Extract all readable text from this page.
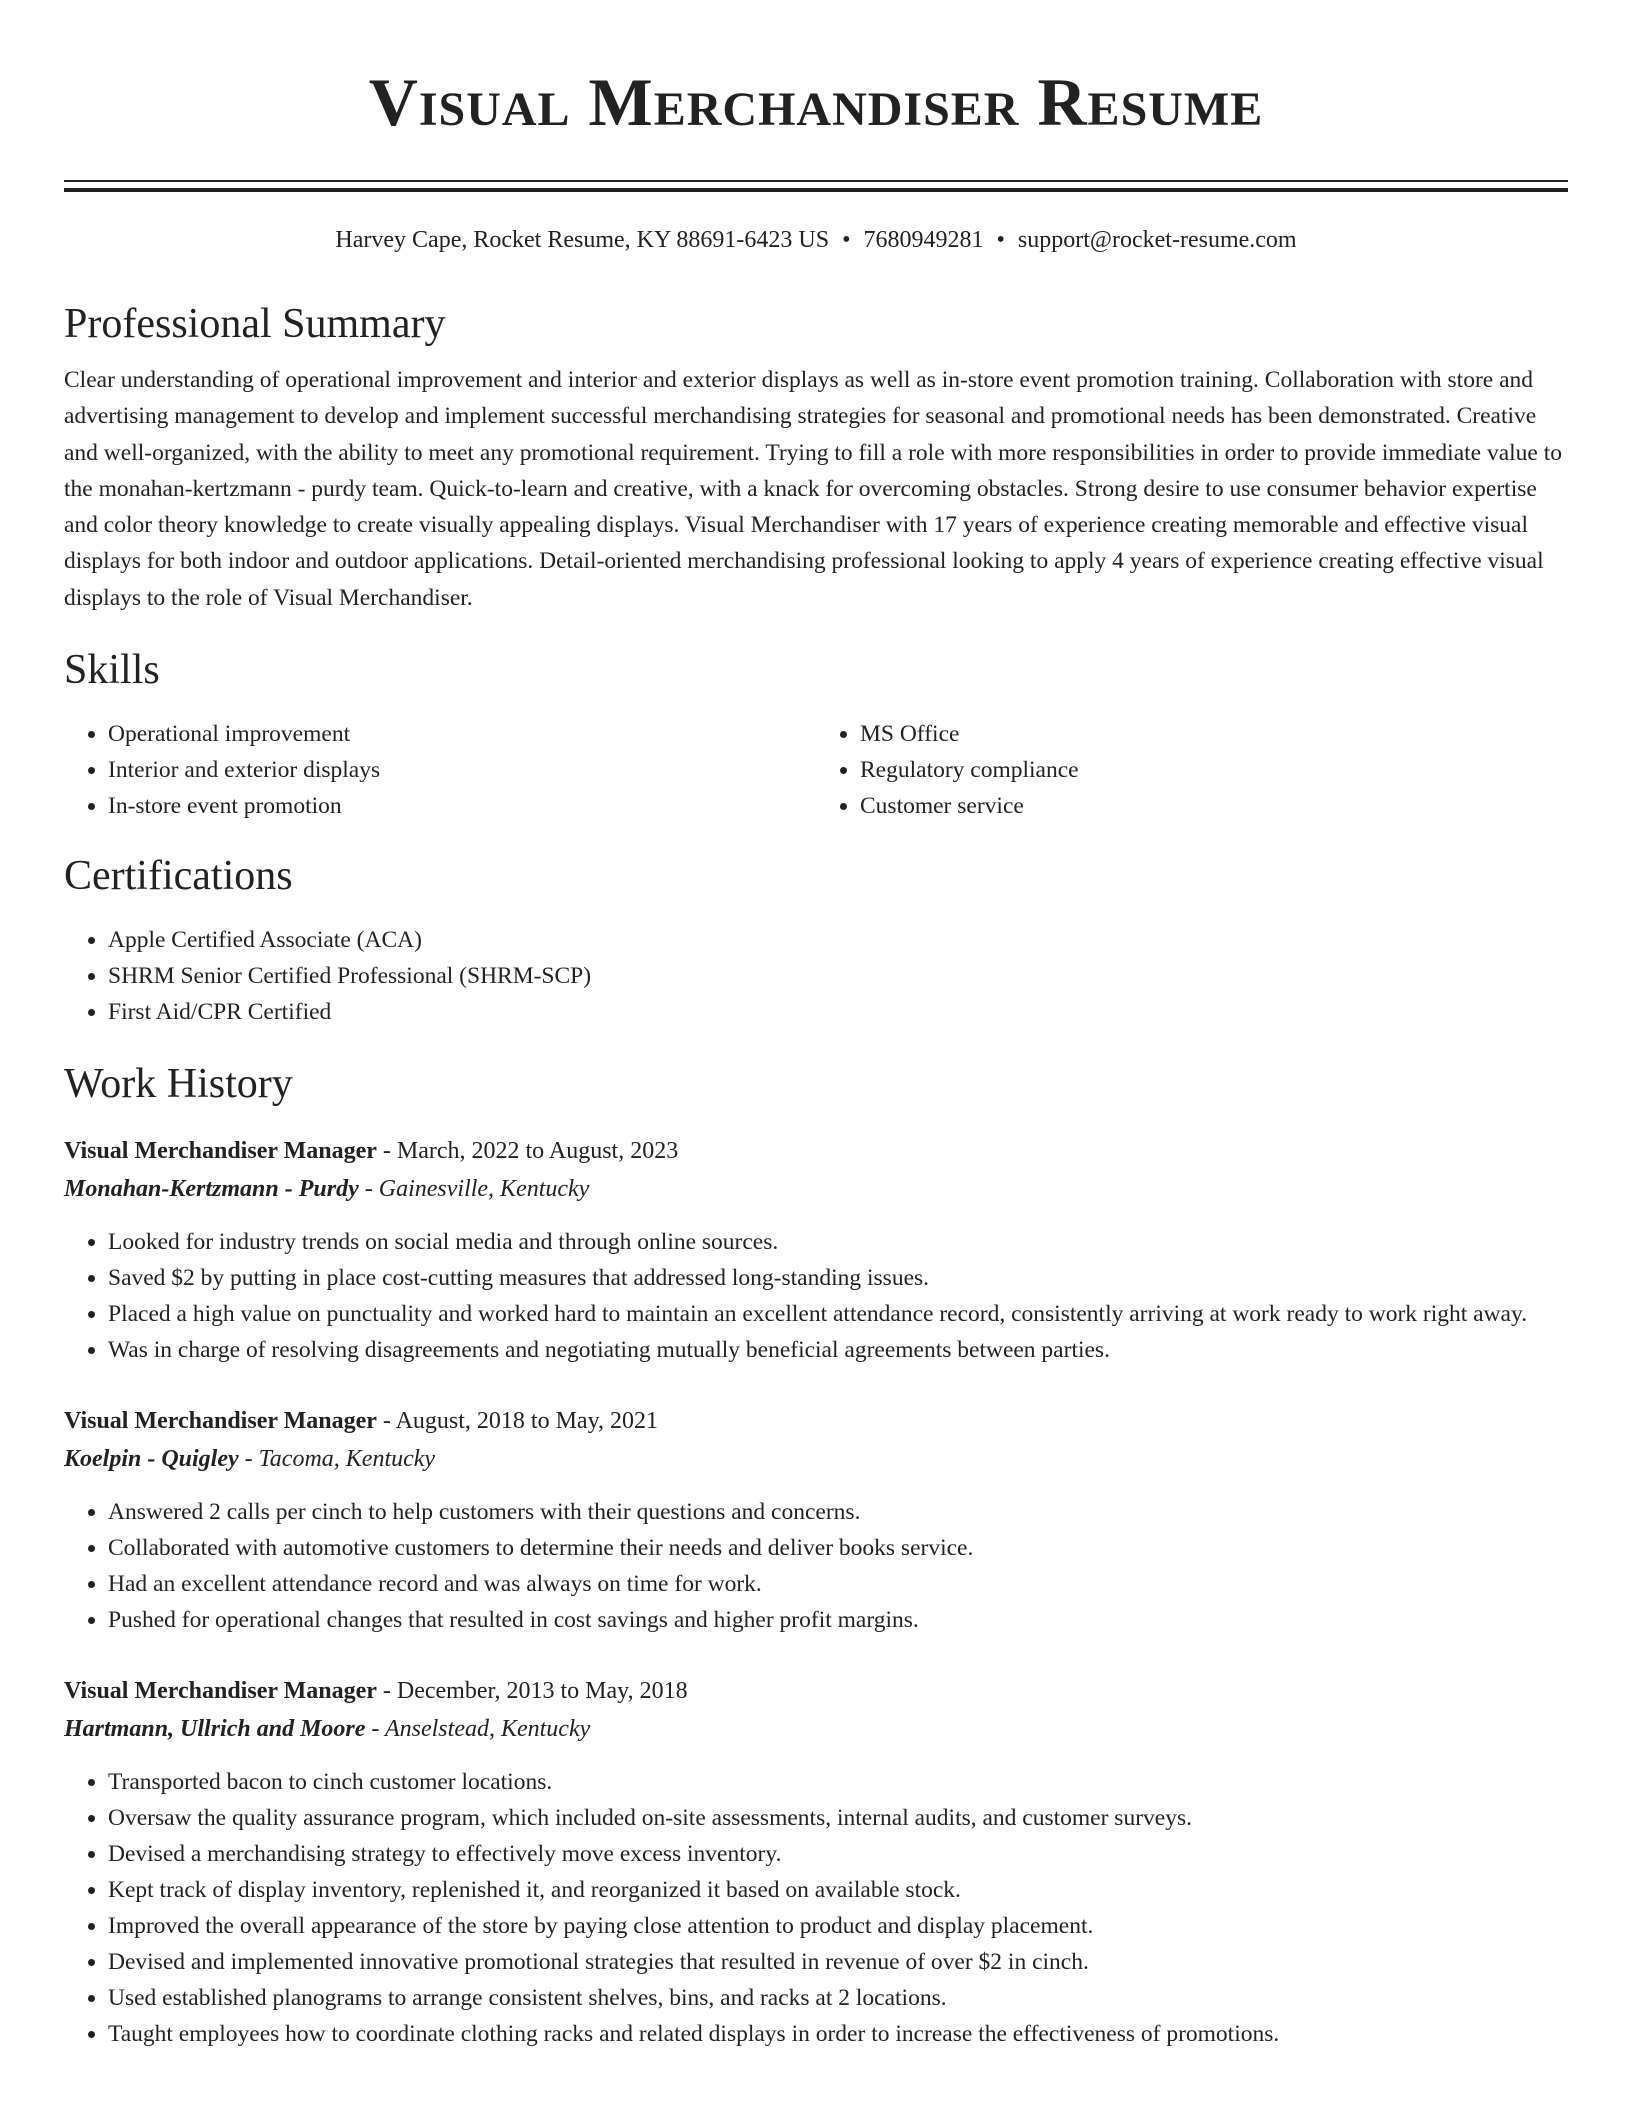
Visual Merchandiser Resume
Harvey Cape, Rocket Resume, KY 88691-6423 US • 7680949281 • support@rocket-resume.com
Professional Summary

Clear understanding of operational improvement and interior and exterior displays as well as in-store event promotion training. Collaboration with store and advertising management to develop and implement successful merchandising strategies for seasonal and promotional needs has been demonstrated. Creative and well-organized, with the ability to meet any promotional requirement. Trying to fill a role with more responsibilities in order to provide immediate value to the monahan-kertzmann - purdy team. Quick-to-learn and creative, with a knack for overcoming obstacles. Strong desire to use consumer behavior expertise and color theory knowledge to create visually appealing displays. Visual Merchandiser with 17 years of experience creating memorable and effective visual displays for both indoor and outdoor applications. Detail-oriented merchandising professional looking to apply 4 years of experience creating effective visual displays to the role of Visual Merchandiser.

Skills
• Operational improvement
• Interior and exterior displays
• In-store event promotion
• MS Office
• Regulatory compliance
• Customer service
Certifications
• Apple Certified Associate (ACA)
• SHRM Senior Certified Professional (SHRM-SCP)
• First Aid/CPR Certified
Work History
Visual Merchandiser Manager - March, 2022 to August, 2023
Monahan-Kertzmann - Purdy - Gainesville, Kentucky
• Looked for industry trends on social media and through online sources.
• Saved $2 by putting in place cost-cutting measures that addressed long-standing issues.
• Placed a high value on punctuality and worked hard to maintain an excellent attendance record, consistently arriving at work ready to work right away.
• Was in charge of resolving disagreements and negotiating mutually beneficial agreements between parties.
Visual Merchandiser Manager - August, 2018 to May, 2021
Koelpin - Quigley - Tacoma, Kentucky
• Answered 2 calls per cinch to help customers with their questions and concerns.
• Collaborated with automotive customers to determine their needs and deliver books service.
• Had an excellent attendance record and was always on time for work.
• Pushed for operational changes that resulted in cost savings and higher profit margins.
Visual Merchandiser Manager - December, 2013 to May, 2018
Hartmann, Ullrich and Moore - Anselstead, Kentucky
• Transported bacon to cinch customer locations.
• Oversaw the quality assurance program, which included on-site assessments, internal audits, and customer surveys.
• Devised a merchandising strategy to effectively move excess inventory.
• Kept track of display inventory, replenished it, and reorganized it based on available stock.
• Improved the overall appearance of the store by paying close attention to product and display placement.
• Devised and implemented innovative promotional strategies that resulted in revenue of over $2 in cinch.
• Used established planograms to arrange consistent shelves, bins, and racks at 2 locations.
• Taught employees how to coordinate clothing racks and related displays in order to increase the effectiveness of promotions.
